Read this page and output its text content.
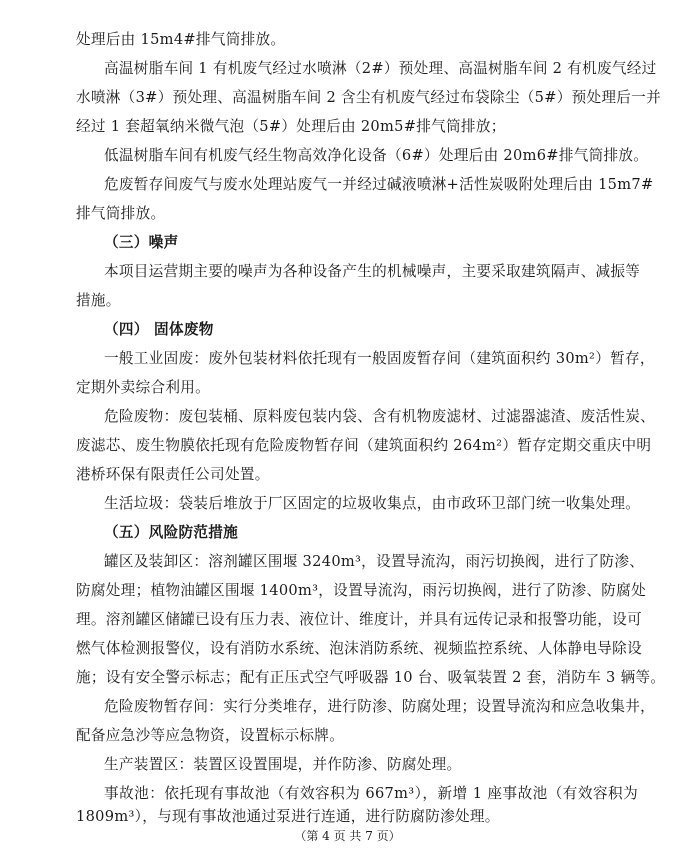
处理后由 15m4#排气筒排放。
高温树脂车间 1 有机废气经过水喷淋（2#）预处理、高温树脂车间 2 有机废气经过
水喷淋（3#）预处理、高温树脂车间 2 含尘有机废气经过布袋除尘（5#）预处理后一并
经过 1 套超氧纳米微气泡（5#）处理后由 20m5#排气筒排放；
低温树脂车间有机废气经生物高效净化设备（6#）处理后由 20m6#排气筒排放。
危废暂存间废气与废水处理站废气一并经过碱液喷淋+活性炭吸附处理后由 15m7#
排气筒排放。
（三）噪声
本项目运营期主要的噪声为各种设备产生的机械噪声，主要采取建筑隔声、减振等
措施。
（四） 固体废物
一般工业固废：废外包装材料依托现有一般固废暂存间（建筑面积约 30m²）暂存，
定期外卖综合利用。
危险废物：废包装桶、原料废包装内袋、含有机物废滤材、过滤器滤渣、废活性炭、
废滤芯、废生物膜依托现有危险废物暂存间（建筑面积约 264m²）暂存定期交重庆中明
港桥环保有限责任公司处置。
生活垃圾：袋装后堆放于厂区固定的垃圾收集点，由市政环卫部门统一收集处理。
（五）风险防范措施
罐区及装卸区：溶剂罐区围堰 3240m³，设置导流沟，雨污切换阀，进行了防渗、
防腐处理；植物油罐区围堰 1400m³，设置导流沟，雨污切换阀，进行了防渗、防腐处
理。溶剂罐区储罐已设有压力表、液位计、维度计，并具有远传记录和报警功能，设可
燃气体检测报警仪，设有消防水系统、泡沫消防系统、视频监控系统、人体静电导除设
施；设有安全警示标志；配有正压式空气呼吸器 10 台、吸氧装置 2 套，消防车 3 辆等。
危险废物暂存间：实行分类堆存，进行防渗、防腐处理；设置导流沟和应急收集井，
配备应急沙等应急物资，设置标示标牌。
生产装置区：装置区设置围堤，并作防渗、防腐处理。
事故池：依托现有事故池（有效容积为 667m³），新增 1 座事故池（有效容积为
1809m³），与现有事故池通过泵进行连通，进行防腐防渗处理。
（第 4 页 共 7 页）
